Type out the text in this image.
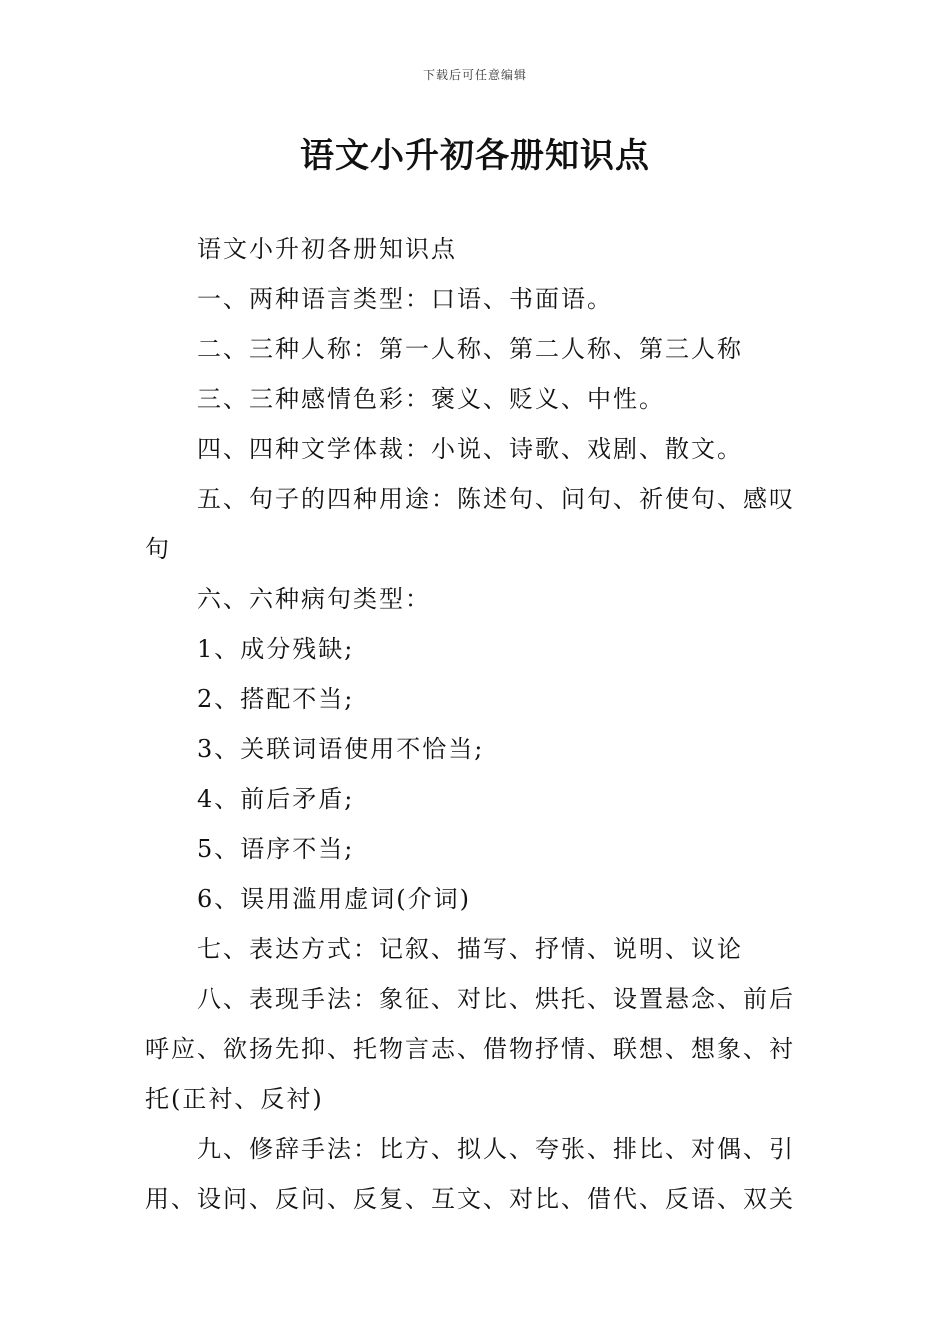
下载后可任意编辑
语文小升初各册知识点

语文小升初各册知识点

一、两种语言类型：口语、书面语。

二、三种人称：第一人称、第二人称、第三人称

三、三种感情色彩：褒义、贬义、中性。

四、四种文学体裁：小说、诗歌、戏剧、散文。

五、句子的四种用途：陈述句、问句、祈使句、感叹句

六、六种病句类型：

1、成分残缺;

2、搭配不当;

3、关联词语使用不恰当;

4、前后矛盾;

5、语序不当;

6、误用滥用虚词(介词)

七、表达方式：记叙、描写、抒情、说明、议论

八、表现手法：象征、对比、烘托、设置悬念、前后呼应、欲扬先抑、托物言志、借物抒情、联想、想象、衬托(正衬、反衬)

九、修辞手法：比方、拟人、夸张、排比、对偶、引用、设问、反问、反复、互文、对比、借代、反语、双关
